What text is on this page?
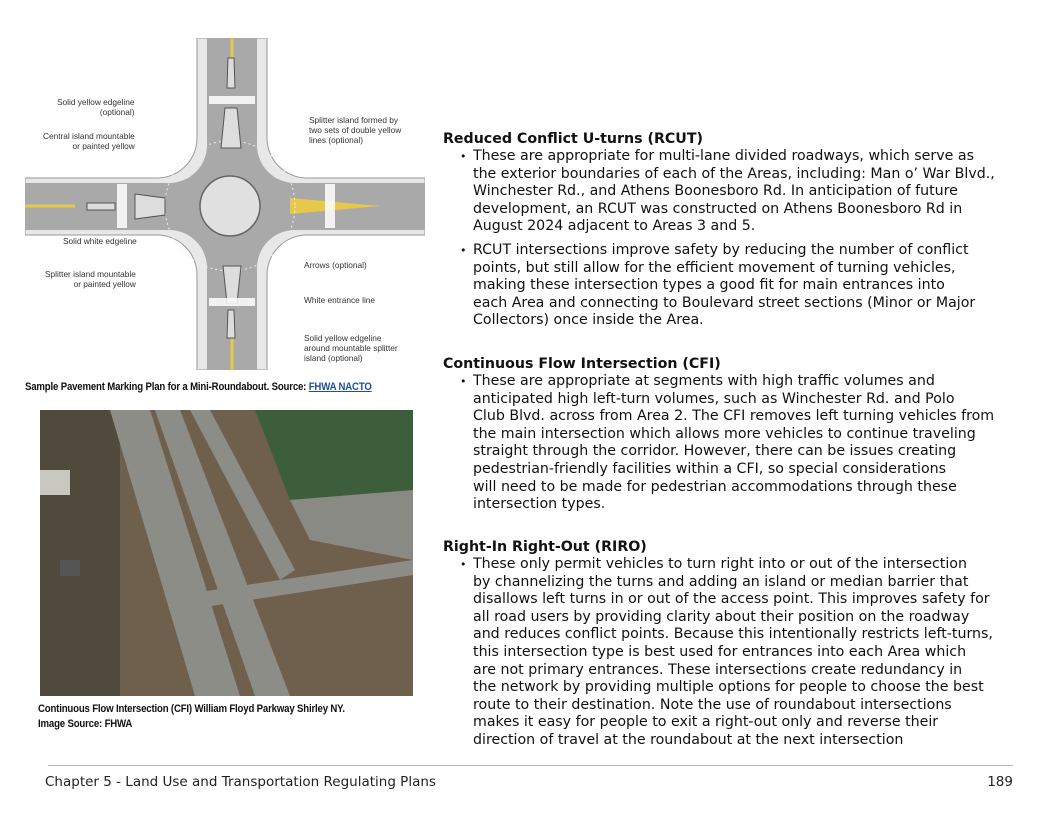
Solid yellow edgeline
(optional)
Central island mountable
or painted yellow
Solid white edgeline
Splitter island mountable
or painted yellow
Splitter island formed by
two sets of double yellow
lines (optional)
Arrows (optional)
White entrance line
Solid yellow edgeline
around mountable splitter
island (optional)
Sample Pavement Marking Plan for a Mini-Roundabout. Source: FHWA NACTO
Continuous Flow Intersection (CFI) William Floyd Parkway Shirley NY.
Image Source: FHWA
Reduced Conflict U-turns (RCUT)
• These are appropriate for multi-lane divided roadways, which serve as
the exterior boundaries of each of the Areas, including: Man o’ War Blvd.,
Winchester Rd., and Athens Boonesboro Rd. In anticipation of future
development, an RCUT was constructed on Athens Boonesboro Rd in
August 2024 adjacent to Areas 3 and 5.
• RCUT intersections improve safety by reducing the number of conflict
points, but still allow for the efficient movement of turning vehicles,
making these intersection types a good fit for main entrances into
each Area and connecting to Boulevard street sections (Minor or Major
Collectors) once inside the Area.
Continuous Flow Intersection (CFI)
• These are appropriate at segments with high traffic volumes and
anticipated high left-turn volumes, such as Winchester Rd. and Polo
Club Blvd. across from Area 2. The CFI removes left turning vehicles from
the main intersection which allows more vehicles to continue traveling
straight through the corridor. However, there can be issues creating
pedestrian-friendly facilities within a CFI, so special considerations
will need to be made for pedestrian accommodations through these
intersection types.
Right-In Right-Out (RIRO)
• These only permit vehicles to turn right into or out of the intersection
by channelizing the turns and adding an island or median barrier that
disallows left turns in or out of the access point. This improves safety for
all road users by providing clarity about their position on the roadway
and reduces conflict points. Because this intentionally restricts left-turns,
this intersection type is best used for entrances into each Area which
are not primary entrances. These intersections create redundancy in
the network by providing multiple options for people to choose the best
route to their destination. Note the use of roundabout intersections
makes it easy for people to exit a right-out only and reverse their
direction of travel at the roundabout at the next intersection
Chapter 5 - Land Use and Transportation Regulating Plans	189
